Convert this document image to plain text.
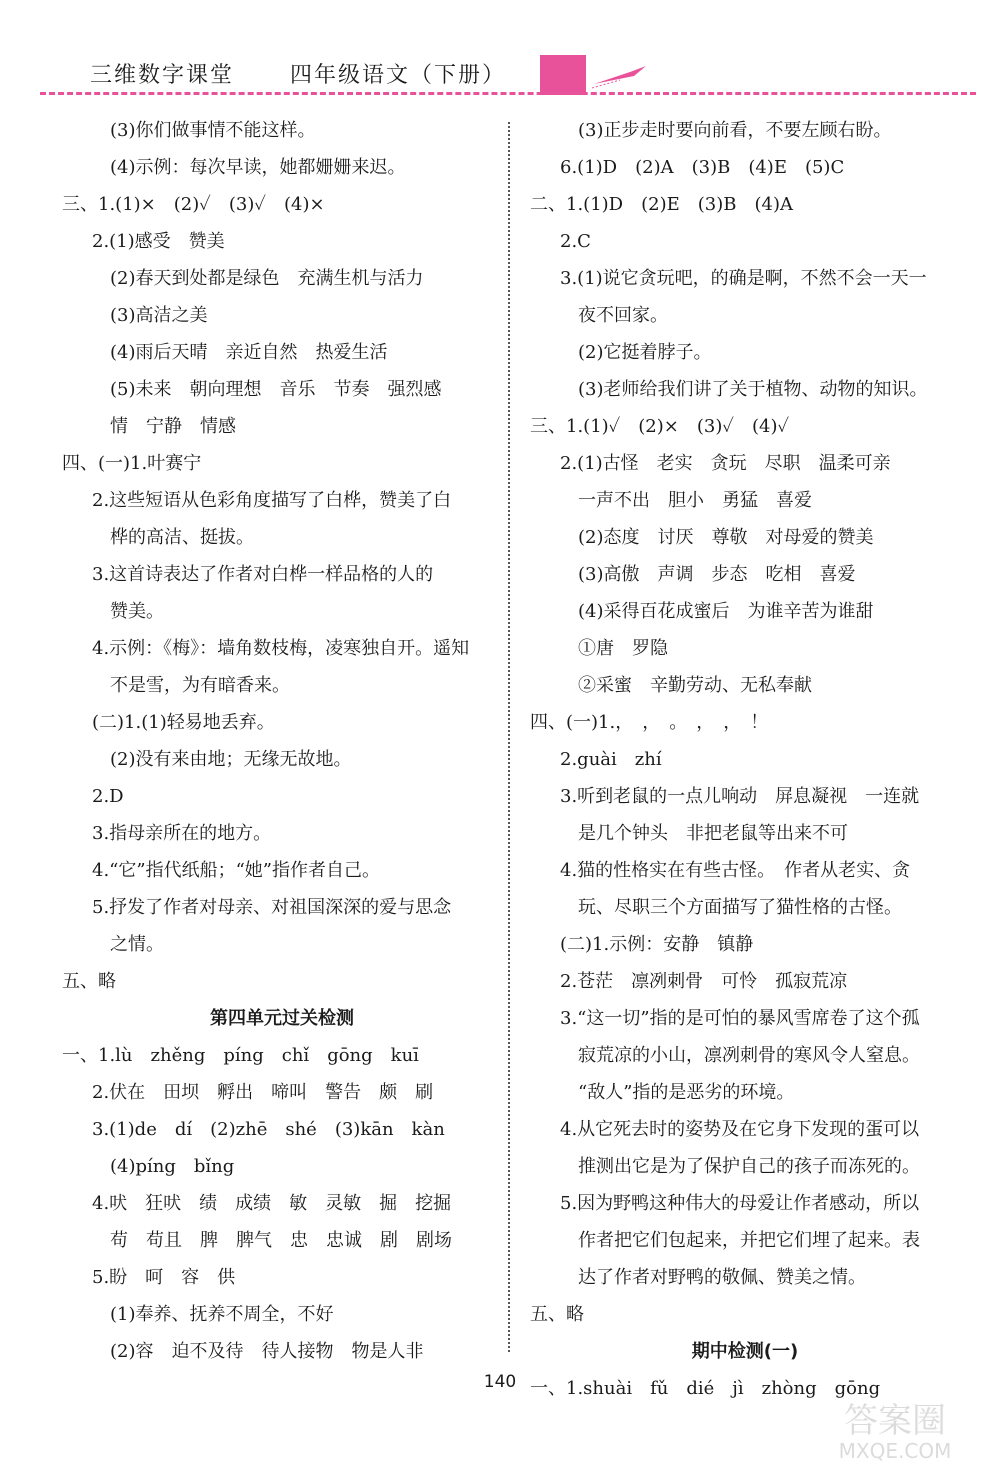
三维数字课堂	四年级语文（下册）
(3)你们做事情不能这样。
(4)示例：每次早读，她都姗姗来迟。
三、1.(1)×　(2)✓　(3)✓　(4)×
2.(1)感受　赞美
(2)春天到处都是绿色　充满生机与活力
(3)高洁之美
(4)雨后天晴　亲近自然　热爱生活
(5)未来　朝向理想　音乐　节奏　强烈感
情　宁静　情感
四、(一)1.叶赛宁
2.这些短语从色彩角度描写了白桦，赞美了白
桦的高洁、挺拔。
3.这首诗表达了作者对白桦一样品格的人的
赞美。
4.示例：《梅》：墙角数枝梅，凌寒独自开。遥知
不是雪，为有暗香来。
(二)1.(1)轻易地丢弃。
(2)没有来由地；无缘无故地。
2.D
3.指母亲所在的地方。
4.“它”指代纸船；“她”指作者自己。
5.抒发了作者对母亲、对祖国深深的爱与思念
之情。
五、略
第四单元过关检测
一、1.lù　zhěng　píng　chǐ　gōng　kuī
2.伏在　田坝　孵出　啼叫　警告　颇　刷
3.(1)de　dí　(2)zhē　shé　(3)kān　kàn
(4)píng　bǐng
4.吠　狂吠　绩　成绩　敏　灵敏　掘　挖掘
苟　苟且　脾　脾气　忠　忠诚　剧　剧场
5.盼　呵　容　供
(1)奉养、抚养不周全，不好
(2)容　迫不及待　待人接物　物是人非
(3)正步走时要向前看，不要左顾右盼。
6.(1)D　(2)A　(3)B　(4)E　(5)C
二、1.(1)D　(2)E　(3)B　(4)A
2.C
3.(1)说它贪玩吧，的确是啊，不然不会一天一
夜不回家。
(2)它挺着脖子。
(3)老师给我们讲了关于植物、动物的知识。
三、1.(1)✓　(2)×　(3)✓　(4)✓
2.(1)古怪　老实　贪玩　尽职　温柔可亲
一声不出　胆小　勇猛　喜爱
(2)态度　讨厌　尊敬　对母爱的赞美
(3)高傲　声调　步态　吃相　喜爱
(4)采得百花成蜜后　为谁辛苦为谁甜
①唐　罗隐
②采蜜　辛勤劳动、无私奉献
四、(一)1.，　，　。　，　，　！
2.guài　zhí
3.听到老鼠的一点儿响动　屏息凝视　一连就
是几个钟头　非把老鼠等出来不可
4.猫的性格实在有些古怪。　作者从老实、贪
玩、尽职三个方面描写了猫性格的古怪。
(二)1.示例：安静　镇静
2.苍茫　凛冽刺骨　可怜　孤寂荒凉
3.“这一切”指的是可怕的暴风雪席卷了这个孤
寂荒凉的小山，凛冽刺骨的寒风令人窒息。
“敌人”指的是恶劣的环境。
4.从它死去时的姿势及在它身下发现的蛋可以
推测出它是为了保护自己的孩子而冻死的。
5.因为野鸭这种伟大的母爱让作者感动，所以
作者把它们包起来，并把它们埋了起来。表
达了作者对野鸭的敬佩、赞美之情。
五、略
期中检测(一)
一、1.shuài　fǔ　dié　jì　zhòng　gōng
140
答案圈
MXQE.COM
